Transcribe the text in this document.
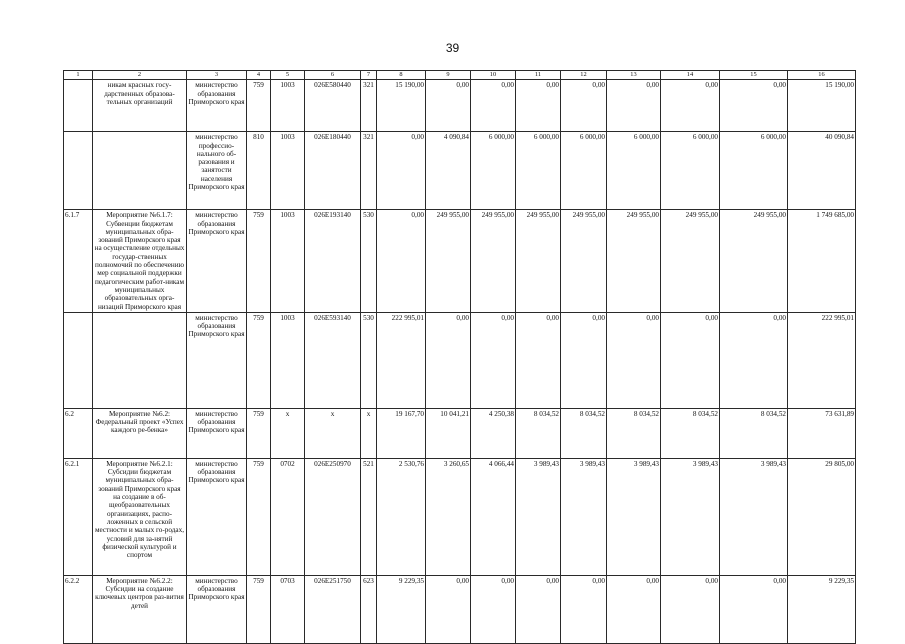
39
1	2	3	4	5	6	7	8	9	10	11	12	13	14	15	16
	никам красных госу-дарственных образова-тельных организаций	министерство образования Приморского края	759	1003	026E580440	321	15 190,00	0,00	0,00	0,00	0,00	0,00	0,00	0,00	15 190,00
		министерство профессио-нального об-разования и занятости населения Приморского края	810	1003	026E180440	321	0,00	4 090,84	6 000,00	6 000,00	6 000,00	6 000,00	6 000,00	6 000,00	40 090,84
6.1.7	Мероприятие №6.1.7: Субвенции бюджетам муниципальных обра-зований Приморского края на осуществление отдельных государ-ственных полномочий по обеспечению мер социальной поддержки педагогическим работ-никам муниципальных образовательных орга-низаций Приморского края	министерство образования Приморского края	759	1003	026E193140	530	0,00	249 955,00	249 955,00	249 955,00	249 955,00	249 955,00	249 955,00	249 955,00	1 749 685,00
		министерство образования Приморского края	759	1003	026E593140	530	222 995,01	0,00	0,00	0,00	0,00	0,00	0,00	0,00	222 995,01
6.2	Мероприятие №6.2: Федеральный проект «Успех каждого ре-бенка»	министерство образования Приморского края	759	x	x	x	19 167,70	10 041,21	4 250,38	8 034,52	8 034,52	8 034,52	8 034,52	8 034,52	73 631,89
6.2.1	Мероприятие №6.2.1: Субсидии бюджетам муниципальных обра-зований Приморского края на создание в об-щеобразовательных организациях, распо-ложенных в сельской местности и малых го-родах, условий для за-нятий физической культурой и спортом	министерство образования Приморского края	759	0702	026E250970	521	2 530,76	3 260,65	4 066,44	3 989,43	3 989,43	3 989,43	3 989,43	3 989,43	29 805,00
6.2.2	Мероприятие №6.2.2: Субсидии на создание ключевых центров раз-вития детей	министерство образования Приморского края	759	0703	026E251750	623	9 229,35	0,00	0,00	0,00	0,00	0,00	0,00	0,00	9 229,35
